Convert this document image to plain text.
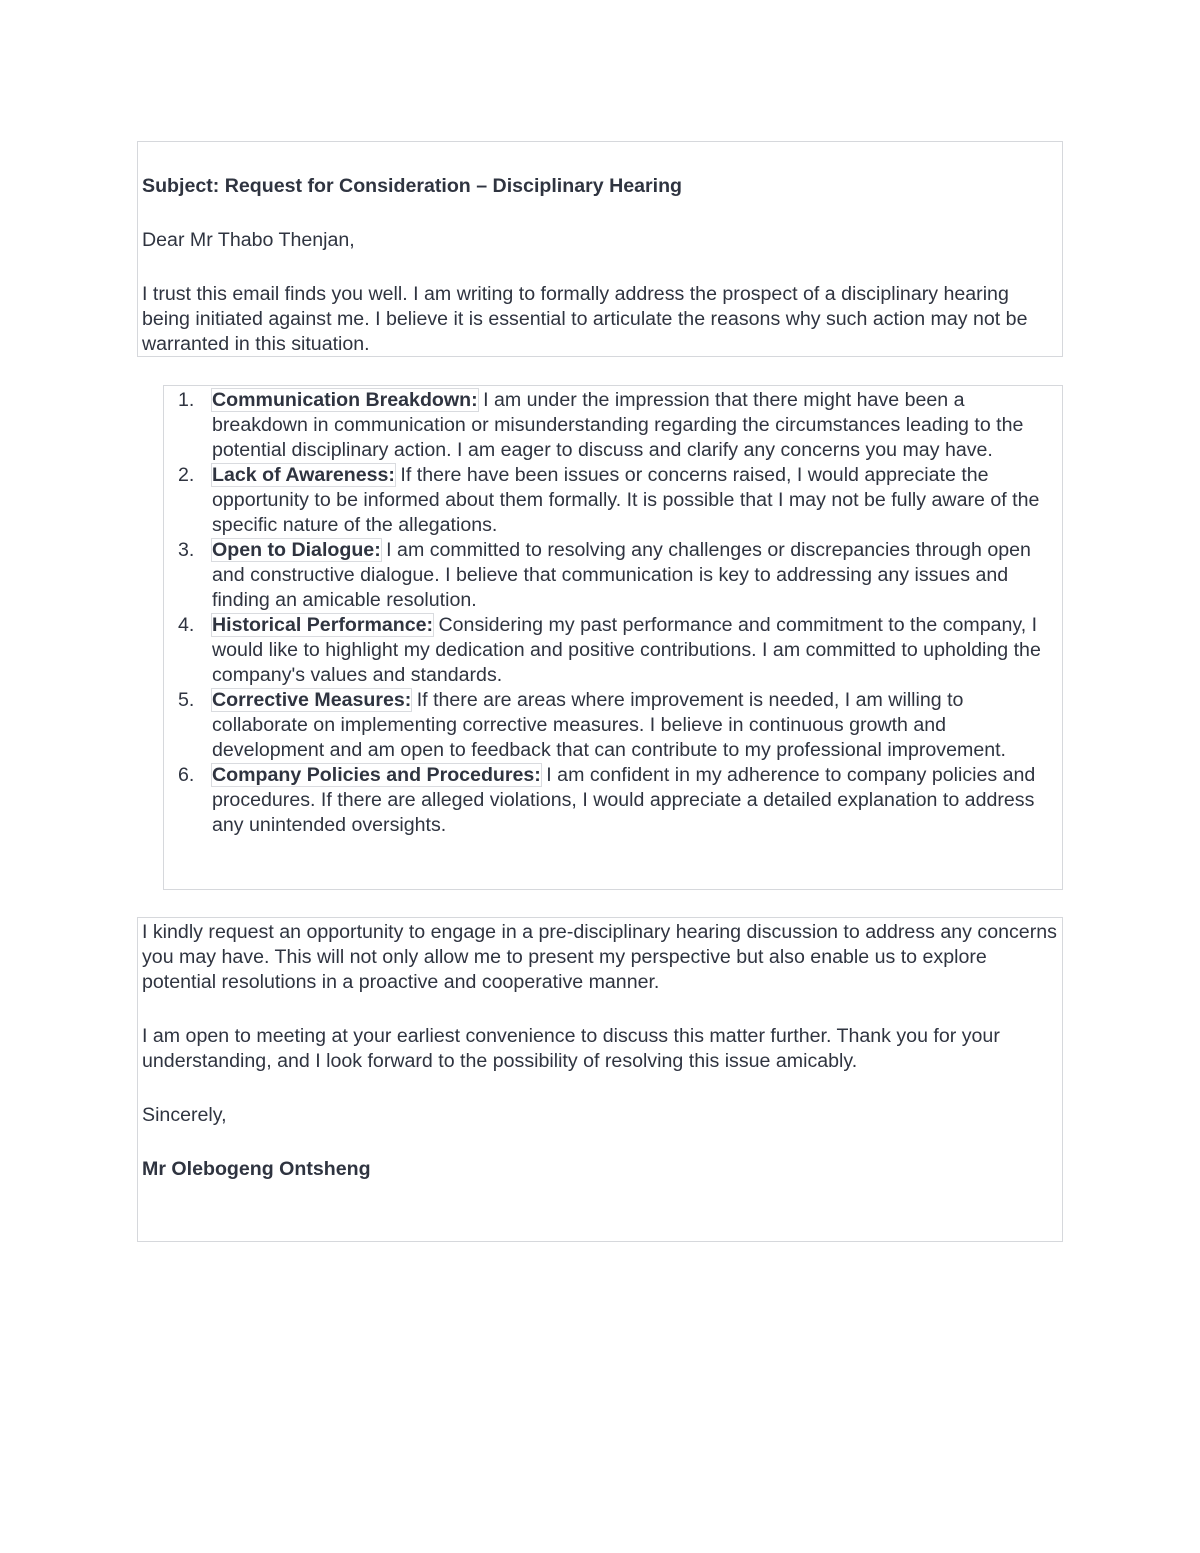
Subject: Request for Consideration – Disciplinary Hearing

Dear Mr Thabo Thenjan,

I trust this email finds you well. I am writing to formally address the prospect of a disciplinary hearing being initiated against me. I believe it is essential to articulate the reasons why such action may not be warranted in this situation.

1. Communication Breakdown: I am under the impression that there might have been a breakdown in communication or misunderstanding regarding the circumstances leading to the potential disciplinary action. I am eager to discuss and clarify any concerns you may have.
2. Lack of Awareness: If there have been issues or concerns raised, I would appreciate the opportunity to be informed about them formally. It is possible that I may not be fully aware of the specific nature of the allegations.
3. Open to Dialogue: I am committed to resolving any challenges or discrepancies through open and constructive dialogue. I believe that communication is key to addressing any issues and finding an amicable resolution.
4. Historical Performance: Considering my past performance and commitment to the company, I would like to highlight my dedication and positive contributions. I am committed to upholding the company's values and standards.
5. Corrective Measures: If there are areas where improvement is needed, I am willing to collaborate on implementing corrective measures. I believe in continuous growth and development and am open to feedback that can contribute to my professional improvement.
6. Company Policies and Procedures: I am confident in my adherence to company policies and procedures. If there are alleged violations, I would appreciate a detailed explanation to address any unintended oversights.

I kindly request an opportunity to engage in a pre-disciplinary hearing discussion to address any concerns you may have. This will not only allow me to present my perspective but also enable us to explore potential resolutions in a proactive and cooperative manner.

I am open to meeting at your earliest convenience to discuss this matter further. Thank you for your understanding, and I look forward to the possibility of resolving this issue amicably.

Sincerely,

Mr Olebogeng Ontsheng
